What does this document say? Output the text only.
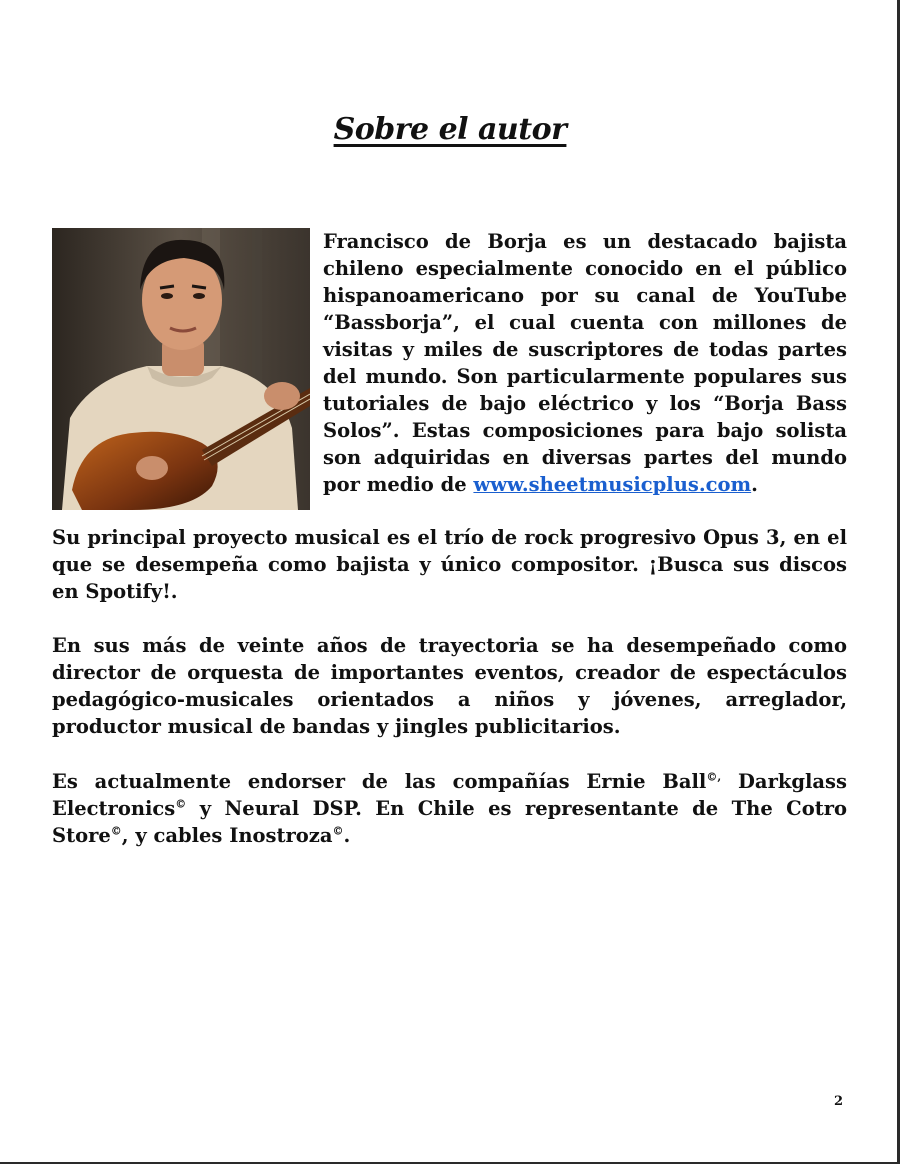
Sobre el autor
Francisco de Borja es un destacado bajista chileno especialmente conocido en el público hispanoamericano por su canal de YouTube “Bassborja”, el cual cuenta con millones de visitas y miles de suscriptores de todas partes del mundo. Son particularmente populares sus tutoriales de bajo eléctrico y los “Borja Bass Solos”. Estas composiciones para bajo solista son adquiridas en diversas partes del mundo por medio de www.sheetmusicplus.com.
Su principal proyecto musical es el trío de rock progresivo Opus 3, en el que se desempeña como bajista y único compositor. ¡Busca sus discos en Spotify!.
En sus más de veinte años de trayectoria se ha desempeñado como director de orquesta de importantes eventos, creador de espectáculos pedagógico-musicales orientados a niños y jóvenes, arreglador, productor musical de bandas y jingles publicitarios.
Es actualmente endorser de las compañías Ernie Ball©, Darkglass Electronics© y Neural DSP. En Chile es representante de The Cotro Store©, y cables Inostroza©.
2
